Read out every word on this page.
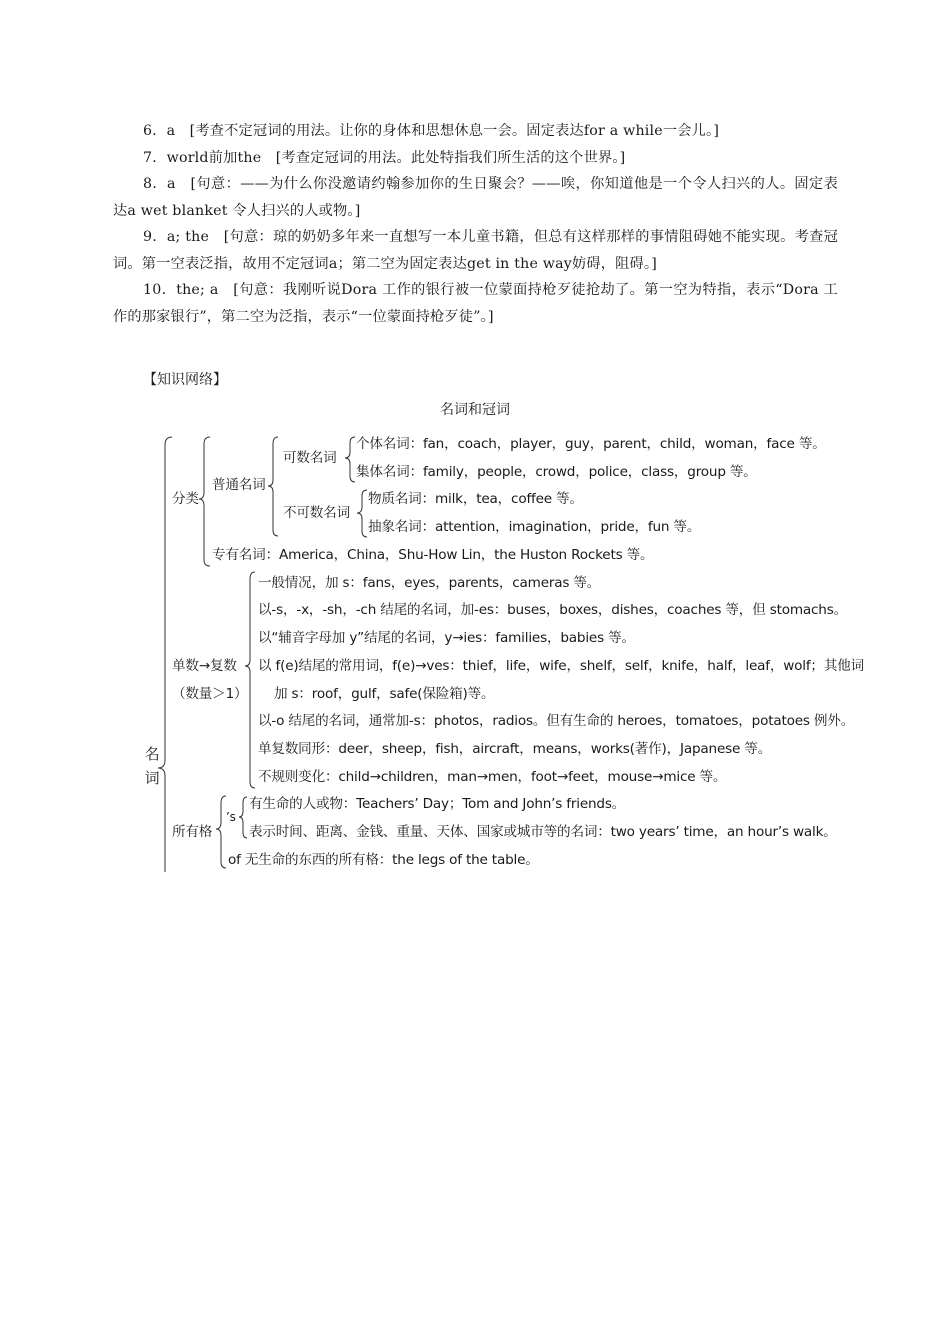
6．a　[考查不定冠词的用法。让你的身体和思想休息一会。固定表达for a while一会儿。]

7．world前加the　[考查定冠词的用法。此处特指我们所生活的这个世界。]

8．a　[句意：——为什么你没邀请约翰参加你的生日聚会？——唉，你知道他是一个令人扫兴的人。固定表达a wet blanket 令人扫兴的人或物。]

9．a; the　[句意：琼的奶奶多年来一直想写一本儿童书籍，但总有这样那样的事情阻碍她不能实现。考查冠词。第一空表泛指，故用不定冠词a；第二空为固定表达get in the way妨碍，阻碍。]

10．the; a　[句意：我刚听说Dora 工作的银行被一位蒙面持枪歹徒抢劫了。第一空为特指，表示“Dora 工作的那家银行”，第二空为泛指，表示“一位蒙面持枪歹徒”。]

【知识网络】
名词和冠词
名词
分类
普通名词
可数名词
个体名词：fan，coach，player，guy，parent，child，woman，face 等。
集体名词：family，people，crowd，police，class，group 等。
不可数名词
物质名词：milk，tea，coffee 等。
抽象名词：attention，imagination，pride，fun 等。
专有名词：America，China，Shu-How Lin，the Huston Rockets 等。
单数→复数
（数量＞1）
一般情况，加 s：fans，eyes，parents，cameras 等。
以-s，-x，-sh，-ch 结尾的名词，加-es：buses，boxes，dishes，coaches 等，但 stomachs。
以“辅音字母加 y”结尾的名词，y→ies：families，babies 等。
以 f(e)结尾的常用词，f(e)→ves：thief，life，wife，shelf，self，knife，half，leaf，wolf；其他词
加 s：roof，gulf，safe(保险箱)等。
以-o 结尾的名词，通常加-s：photos，radios。但有生命的 heroes，tomatoes，potatoes 例外。
单复数同形：deer，sheep，fish，aircraft，means，works(著作)，Japanese 等。
不规则变化：child→children，man→men，foot→feet，mouse→mice 等。
所有格
’s
有生命的人或物：Teachers’ Day；Tom and John’s friends。
表示时间、距离、金钱、重量、天体、国家或城市等的名词：two years’ time，an hour’s walk。
of 无生命的东西的所有格：the legs of the table。
